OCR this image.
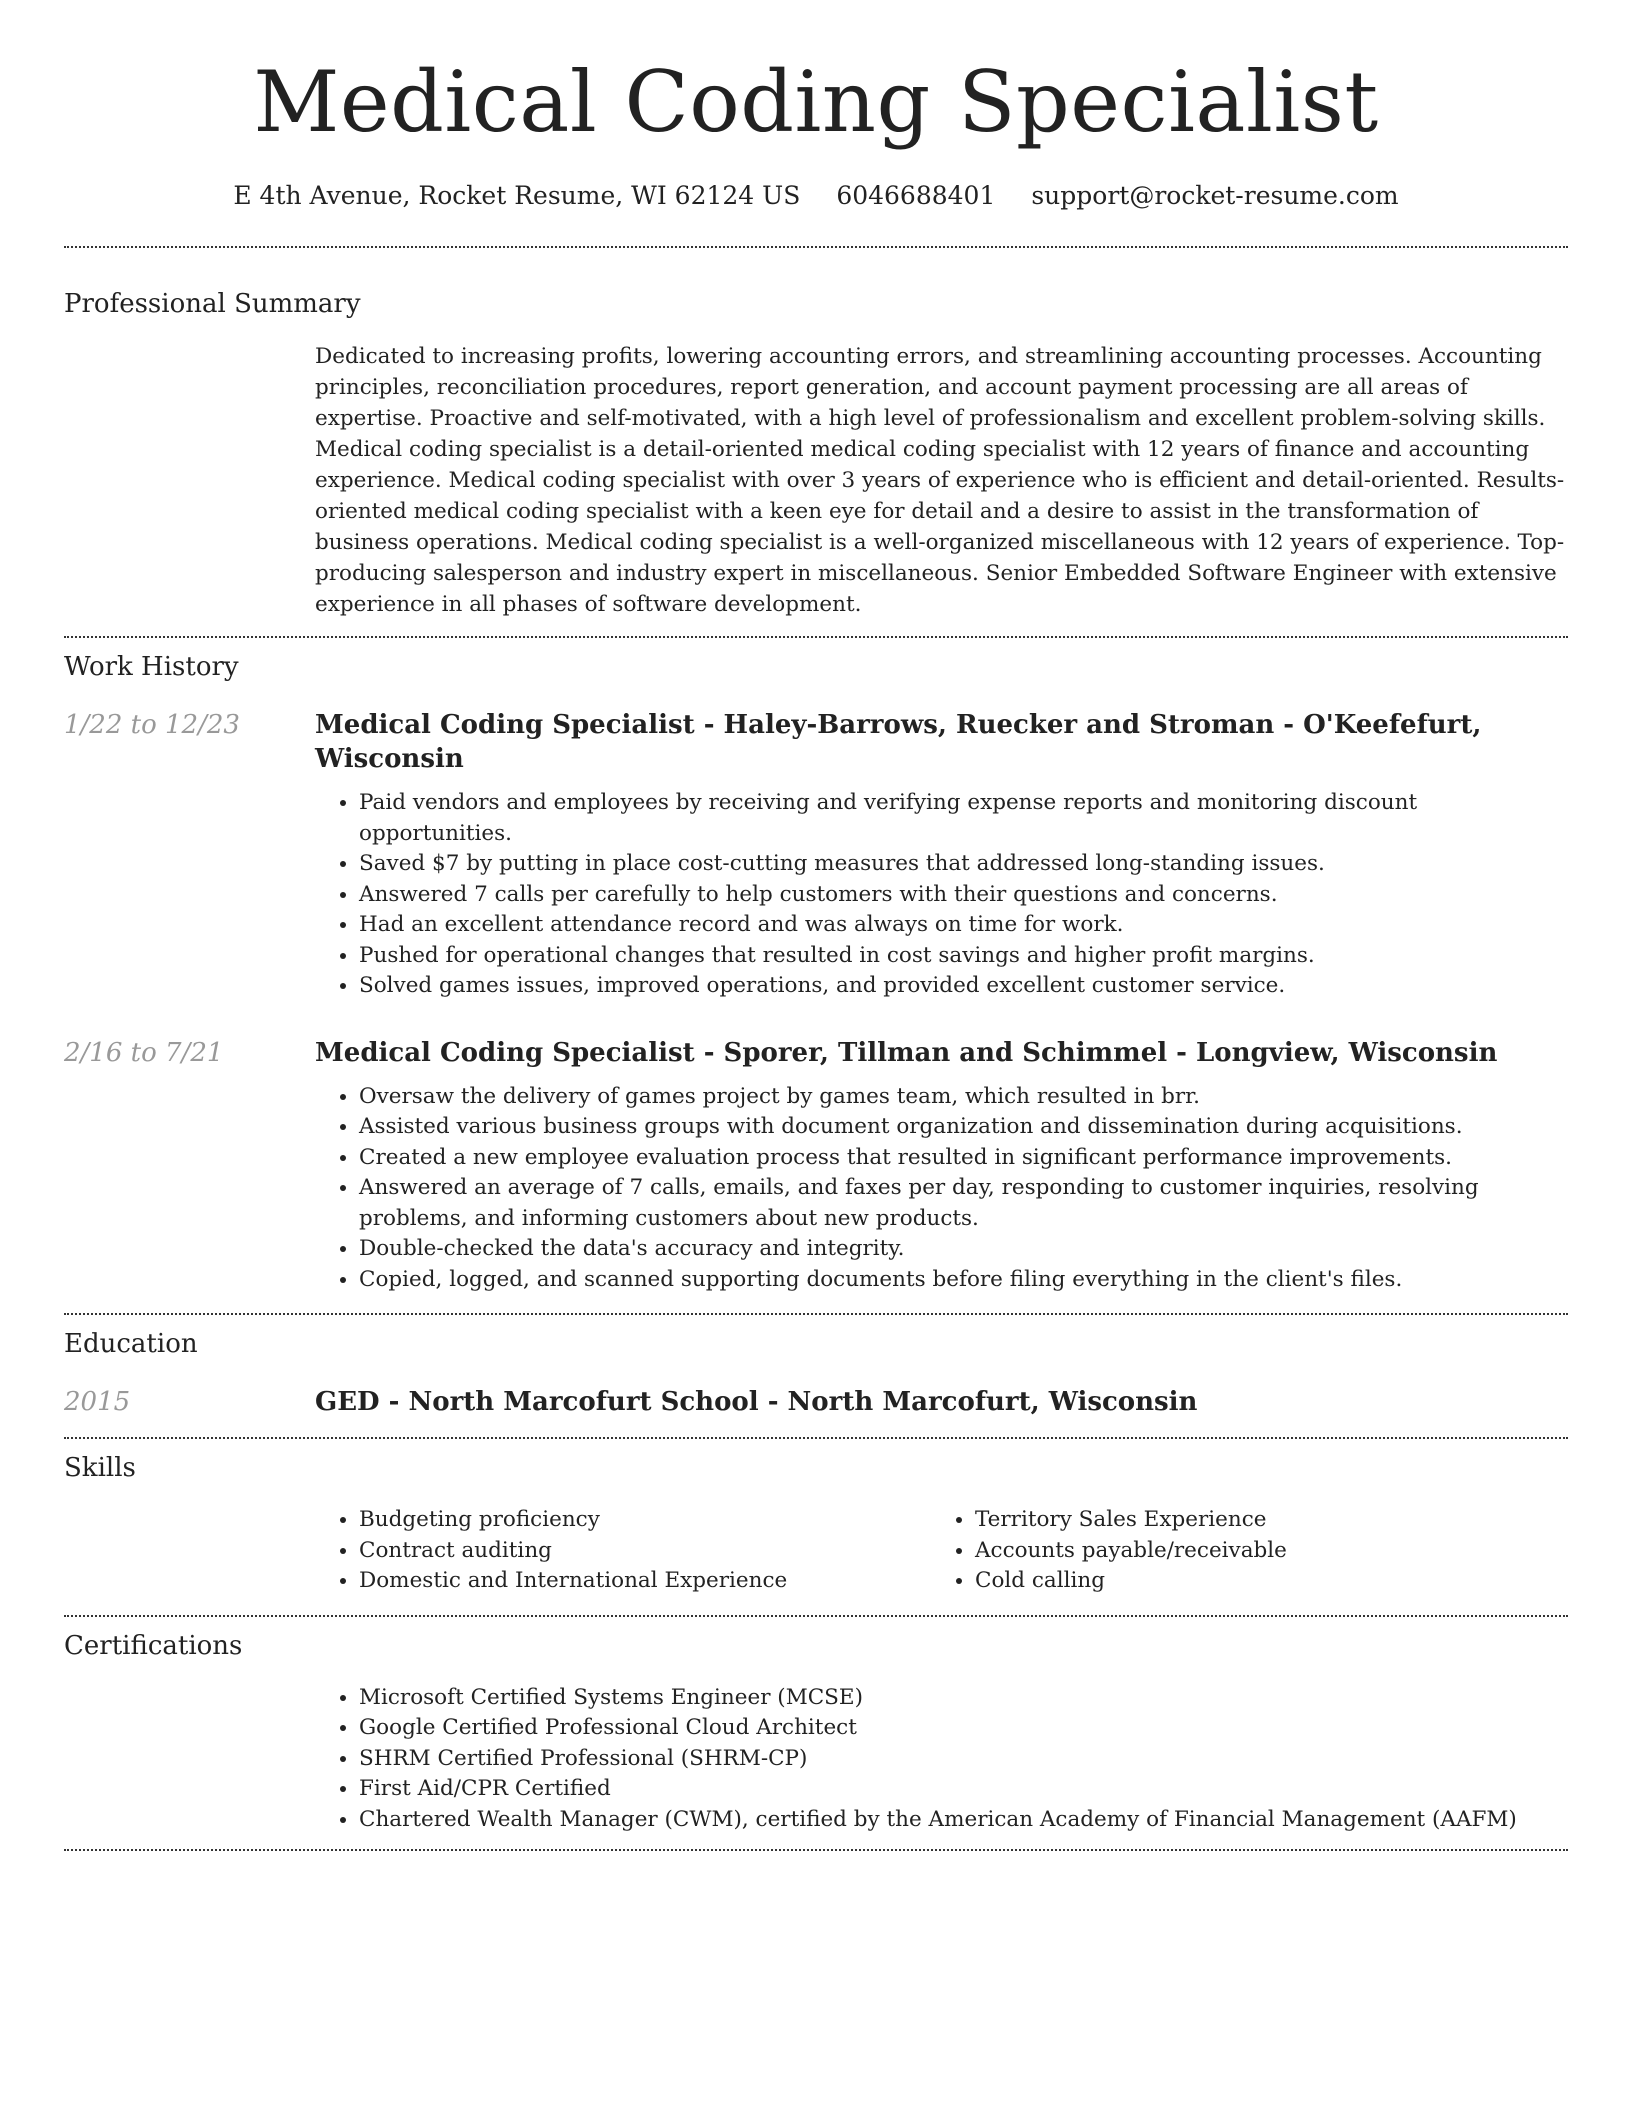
Medical Coding Specialist
E 4th Avenue, Rocket Resume, WI 62124 US 6046688401 support@rocket-resume.com
Professional Summary

Dedicated to increasing profits, lowering accounting errors, and streamlining accounting processes. Accounting principles, reconciliation procedures, report generation, and account payment processing are all areas of expertise. Proactive and self-motivated, with a high level of professionalism and excellent problem-solving skills. Medical coding specialist is a detail-oriented medical coding specialist with 12 years of finance and accounting experience. Medical coding specialist with over 3 years of experience who is efficient and detail-oriented. Results-oriented medical coding specialist with a keen eye for detail and a desire to assist in the transformation of business operations. Medical coding specialist is a well-organized miscellaneous with 12 years of experience. Top-producing salesperson and industry expert in miscellaneous. Senior Embedded Software Engineer with extensive experience in all phases of software development.

Work History
1/22 to 12/23	Medical Coding Specialist - Haley-Barrows, Ruecker and Stroman - O'Keefefurt, Wisconsin
• Paid vendors and employees by receiving and verifying expense reports and monitoring discount opportunities.
• Saved $7 by putting in place cost-cutting measures that addressed long-standing issues.
• Answered 7 calls per carefully to help customers with their questions and concerns.
• Had an excellent attendance record and was always on time for work.
• Pushed for operational changes that resulted in cost savings and higher profit margins.
• Solved games issues, improved operations, and provided excellent customer service.
2/16 to 7/21	Medical Coding Specialist - Sporer, Tillman and Schimmel - Longview, Wisconsin
• Oversaw the delivery of games project by games team, which resulted in brr.
• Assisted various business groups with document organization and dissemination during acquisitions.
• Created a new employee evaluation process that resulted in significant performance improvements.
• Answered an average of 7 calls, emails, and faxes per day, responding to customer inquiries, resolving problems, and informing customers about new products.
• Double-checked the data's accuracy and integrity.
• Copied, logged, and scanned supporting documents before filing everything in the client's files.
Education
2015	GED - North Marcofurt School - North Marcofurt, Wisconsin
Skills
• Budgeting proficiency
• Contract auditing
• Domestic and International Experience
• Territory Sales Experience
• Accounts payable/receivable
• Cold calling
Certifications
• Microsoft Certified Systems Engineer (MCSE)
• Google Certified Professional Cloud Architect
• SHRM Certified Professional (SHRM-CP)
• First Aid/CPR Certified
• Chartered Wealth Manager (CWM), certified by the American Academy of Financial Management (AAFM)
